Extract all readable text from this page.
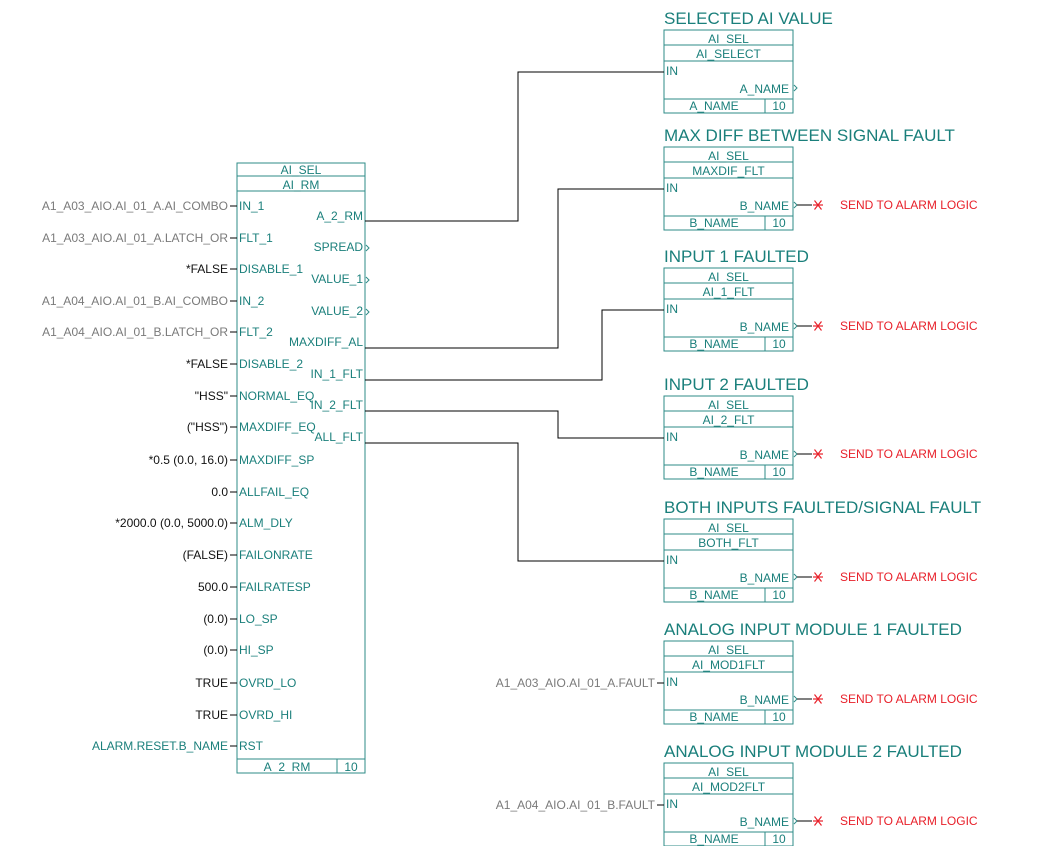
AI_SEL
AI_RM
A_2_RM	10
IN_1
A1_A03_AIO.AI_01_A.AI_COMBO
FLT_1
A1_A03_AIO.AI_01_A.LATCH_OR
DISABLE_1
*FALSE
IN_2
A1_A04_AIO.AI_01_B.AI_COMBO
FLT_2
A1_A04_AIO.AI_01_B.LATCH_OR
DISABLE_2
*FALSE
NORMAL_EQ
"HSS"
MAXDIFF_EQ
("HSS")
MAXDIFF_SP
*0.5 (0.0, 16.0)
ALLFAIL_EQ
0.0
ALM_DLY
*2000.0 (0.0, 5000.0)
FAILONRATE
(FALSE)
FAILRATESP
500.0
LO_SP
(0.0)
HI_SP
(0.0)
OVRD_LO
TRUE
OVRD_HI
TRUE
RST
ALARM.RESET.B_NAME
A_2_RM
SPREAD
VALUE_1
VALUE_2
MAXDIFF_AL
IN_1_FLT
IN_2_FLT
ALL_FLT
SELECTED AI VALUE
AI_SEL
AI_SELECT
IN
A_NAME
A_NAME	10
MAX DIFF BETWEEN SIGNAL FAULT
AI_SEL
MAXDIF_FLT
IN
B_NAME
B_NAME	10
SEND TO ALARM LOGIC
INPUT 1 FAULTED
AI_SEL
AI_1_FLT
IN
B_NAME
B_NAME	10
SEND TO ALARM LOGIC
INPUT 2 FAULTED
AI_SEL
AI_2_FLT
IN
B_NAME
B_NAME	10
SEND TO ALARM LOGIC
BOTH INPUTS FAULTED/SIGNAL FAULT
AI_SEL
BOTH_FLT
IN
B_NAME
B_NAME	10
SEND TO ALARM LOGIC
ANALOG INPUT MODULE 1 FAULTED
AI_SEL
AI_MOD1FLT
IN
B_NAME
B_NAME	10
A1_A03_AIO.AI_01_A.FAULT
SEND TO ALARM LOGIC
ANALOG INPUT MODULE 2 FAULTED
AI_SEL
AI_MOD2FLT
IN
B_NAME
B_NAME	10
A1_A04_AIO.AI_01_B.FAULT
SEND TO ALARM LOGIC
